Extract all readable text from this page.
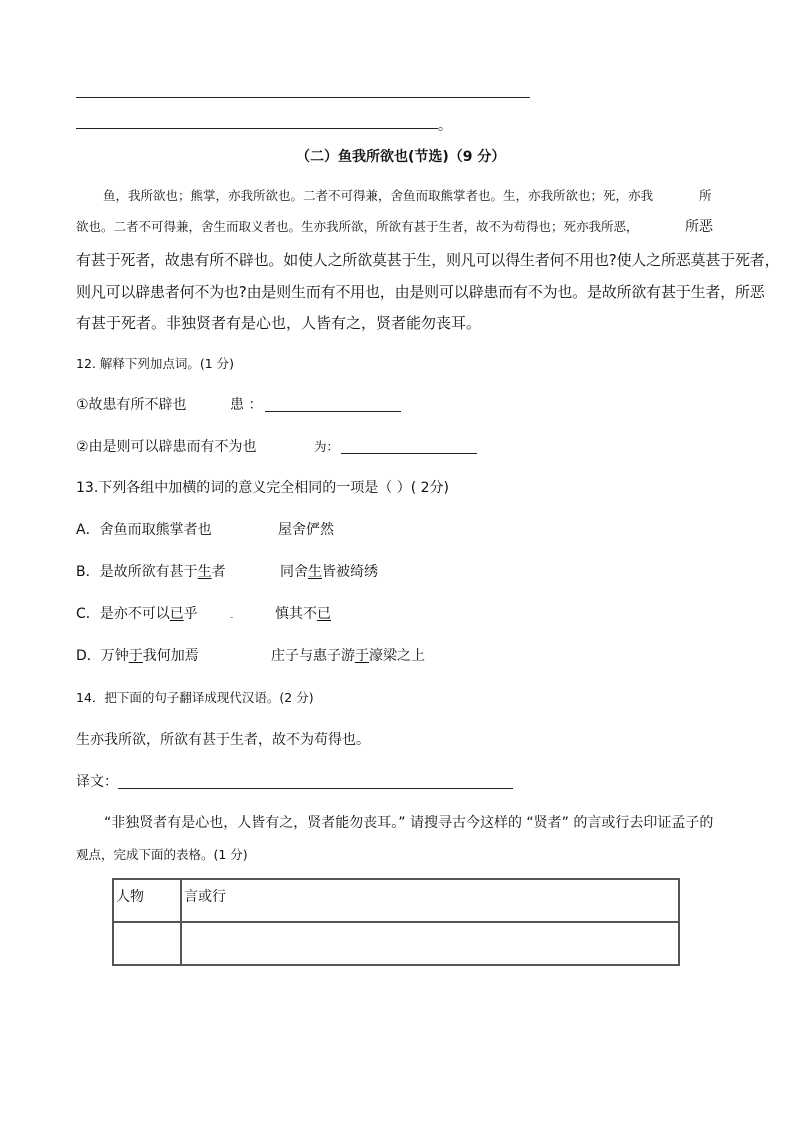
。
（二）鱼我所欲也(节选)（9 分）
鱼，我所欲也；熊掌，亦我所欲也。二者不可得兼，舍鱼而取熊掌者也。生，亦我所欲也；死，亦我	所
欲也。二者不可得兼，舍生而取义者也。生亦我所欲，所欲有甚于生者，故不为苟得也；死亦我所恶，	所恶
有甚于死者，故患有所不辟也。如使人之所欲莫甚于生，则凡可以得生者何不用也?使人之所恶莫甚于死者，
则凡可以辟患者何不为也?由是则生而有不用也，由是则可以辟患而有不为也。是故所欲有甚于生者，所恶
有甚于死者。非独贤者有是心也，人皆有之，贤者能勿丧耳。
12. 解释下列加点词。(1 分)
①故患有所不辟也	患 ：
②由是则可以辟患而有不为也	为：
13.下列各组中加横的词的意义完全相同的一项是（ ）( 2分)
A．舍鱼而取熊掌者也	屋舍俨然
B．是故所欲有甚于生者	同舍生皆被绮绣
C．是亦不可以已乎	慎其不已
D．万钟于我何加焉	庄子与惠子游于濠梁之上
14．把下面的句子翻译成现代汉语。(2 分)
生亦我所欲，所欲有甚于生者，故不为苟得也。
译文：
“非独贤者有是心也，人皆有之，贤者能勿丧耳。” 请搜寻古今这样的 “贤者” 的言或行去印证孟子的
观点，完成下面的表格。(1 分)
人物	言或行
